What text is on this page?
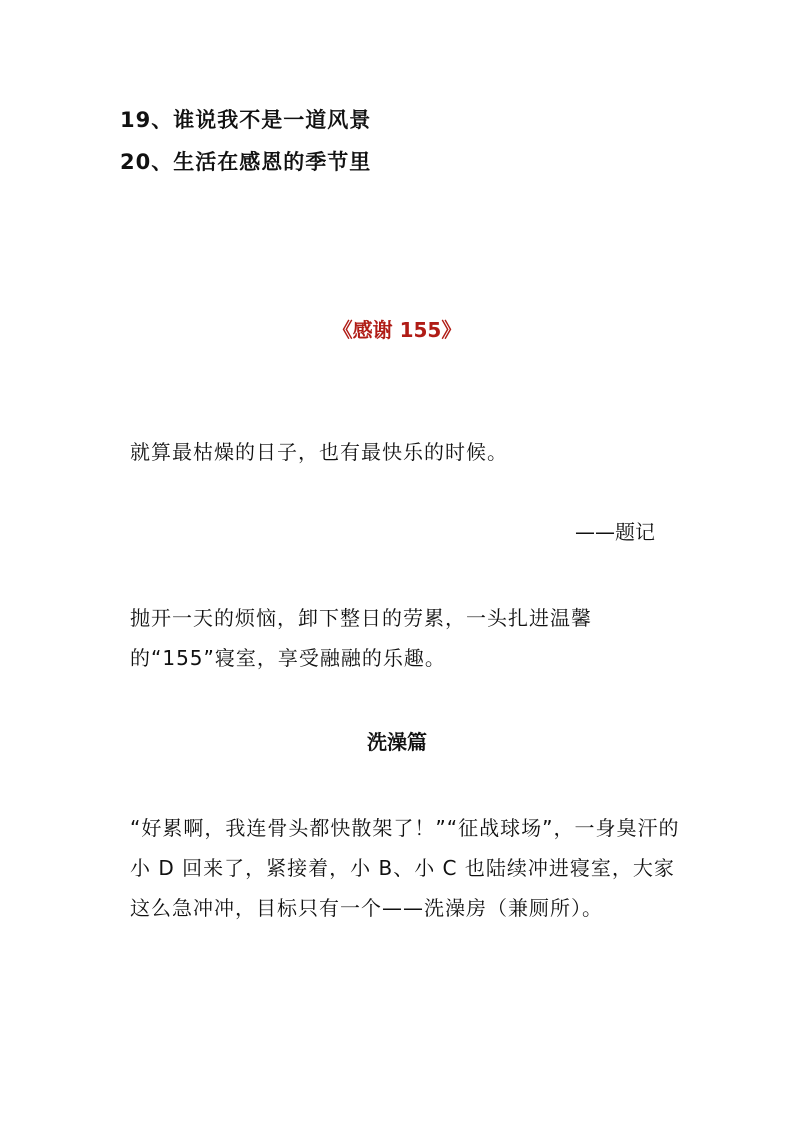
19、谁说我不是一道风景
20、生活在感恩的季节里
《感谢 155》
就算最枯燥的日子，也有最快乐的时候。
——题记
抛开一天的烦恼，卸下整日的劳累，一头扎进温馨的“155”寝室，享受融融的乐趣。
洗澡篇
“好累啊，我连骨头都快散架了！”“征战球场”，一身臭汗的小 D 回来了，紧接着，小 B、小 C 也陆续冲进寝室，大家这么急冲冲，目标只有一个——洗澡房（兼厕所）。
